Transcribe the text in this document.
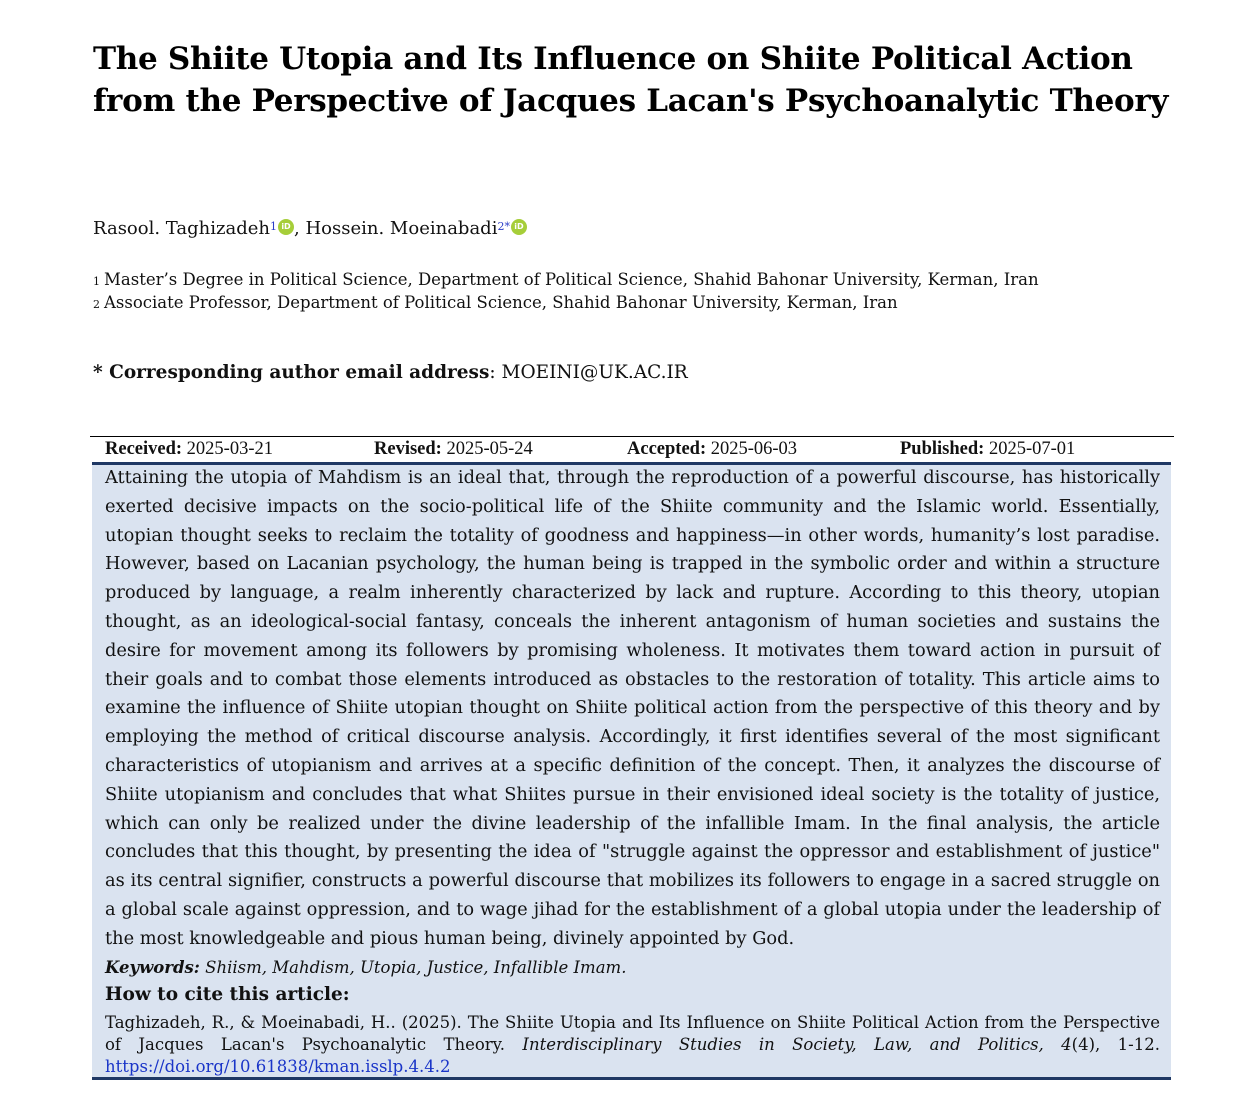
The Shiite Utopia and Its Influence on Shiite Political Action from the Perspective of Jacques Lacan's Psychoanalytic Theory
Rasool. Taghizadeh$^1$ iD , Hossein. Moeinabadi$^{2*}$ iD
$^1$ Master’s Degree in Political Science, Department of Political Science, Shahid Bahonar University, Kerman, Iran
$^2$ Associate Professor, Department of Political Science, Shahid Bahonar University, Kerman, Iran
* Corresponding author email address: MOEINI@UK.AC.IR
Received: 2025-03-21	Revised: 2025-05-24	Accepted: 2025-06-03	Published: 2025-07-01

Attaining the utopia of Mahdism is an ideal that, through the reproduction of a powerful discourse, has historically exerted decisive impacts on the socio-political life of the Shiite community and the Islamic world. Essentially, utopian thought seeks to reclaim the totality of goodness and happiness—in other words, humanity’s lost paradise. However, based on Lacanian psychology, the human being is trapped in the symbolic order and within a structure produced by language, a realm inherently characterized by lack and rupture. According to this theory, utopian thought, as an ideological-social fantasy, conceals the inherent antagonism of human societies and sustains the desire for movement among its followers by promising wholeness. It motivates them toward action in pursuit of their goals and to combat those elements introduced as obstacles to the restoration of totality. This article aims to examine the influence of Shiite utopian thought on Shiite political action from the perspective of this theory and by employing the method of critical discourse analysis. Accordingly, it first identifies several of the most significant characteristics of utopianism and arrives at a specific definition of the concept. Then, it analyzes the discourse of Shiite utopianism and concludes that what Shiites pursue in their envisioned ideal society is the totality of justice, which can only be realized under the divine leadership of the infallible Imam. In the final analysis, the article concludes that this thought, by presenting the idea of "struggle against the oppressor and establishment of justice" as its central signifier, constructs a powerful discourse that mobilizes its followers to engage in a sacred struggle on a global scale against oppression, and to wage jihad for the establishment of a global utopia under the leadership of the most knowledgeable and pious human being, divinely appointed by God.

Keywords: Shiism, Mahdism, Utopia, Justice, Infallible Imam.
How to cite this article:

Taghizadeh, R., & Moeinabadi, H.. (2025). The Shiite Utopia and Its Influence on Shiite Political Action from the Perspective of Jacques Lacan's Psychoanalytic Theory. Interdisciplinary Studies in Society, Law, and Politics, 4(4), 1-12.

https://doi.org/10.61838/kman.isslp.4.4.2
